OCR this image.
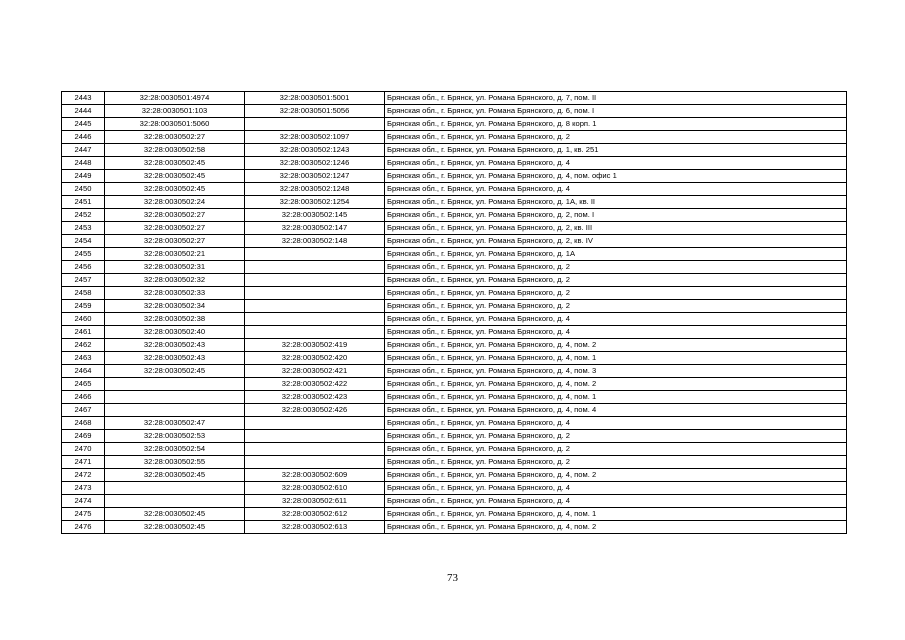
2443	32:28:0030501:4974	32:28:0030501:5001	Брянская обл., г. Брянск, ул. Романа Брянского, д. 7, пом. II
2444	32:28:0030501:103	32:28:0030501:5056	Брянская обл., г. Брянск, ул. Романа Брянского, д. 6, пом. I
2445	32:28:0030501:5060		Брянская обл., г. Брянск, ул. Романа Брянского, д. 8 корп. 1
2446	32:28:0030502:27	32:28:0030502:1097	Брянская обл., г. Брянск, ул. Романа Брянского, д. 2
2447	32:28:0030502:58	32:28:0030502:1243	Брянская обл., г. Брянск, ул. Романа Брянского, д. 1, кв. 251
2448	32:28:0030502:45	32:28:0030502:1246	Брянская обл., г. Брянск, ул. Романа Брянского, д. 4
2449	32:28:0030502:45	32:28:0030502:1247	Брянская обл., г. Брянск, ул. Романа Брянского, д. 4, пом. офис 1
2450	32:28:0030502:45	32:28:0030502:1248	Брянская обл., г. Брянск, ул. Романа Брянского, д. 4
2451	32:28:0030502:24	32:28:0030502:1254	Брянская обл., г. Брянск, ул. Романа Брянского, д. 1А, кв. II
2452	32:28:0030502:27	32:28:0030502:145	Брянская обл., г. Брянск, ул. Романа Брянского, д. 2, пом. I
2453	32:28:0030502:27	32:28:0030502:147	Брянская обл., г. Брянск, ул. Романа Брянского, д. 2, кв. III
2454	32:28:0030502:27	32:28:0030502:148	Брянская обл., г. Брянск, ул. Романа Брянского, д. 2, кв. IV
2455	32:28:0030502:21		Брянская обл., г. Брянск, ул. Романа Брянского, д. 1А
2456	32:28:0030502:31		Брянская обл., г. Брянск, ул. Романа Брянского, д. 2
2457	32:28:0030502:32		Брянская обл., г. Брянск, ул. Романа Брянского, д. 2
2458	32:28:0030502:33		Брянская обл., г. Брянск, ул. Романа Брянского, д. 2
2459	32:28:0030502:34		Брянская обл., г. Брянск, ул. Романа Брянского, д. 2
2460	32:28:0030502:38		Брянская обл., г. Брянск, ул. Романа Брянского, д. 4
2461	32:28:0030502:40		Брянская обл., г. Брянск, ул. Романа Брянского, д. 4
2462	32:28:0030502:43	32:28:0030502:419	Брянская обл., г. Брянск, ул. Романа Брянского, д. 4, пом. 2
2463	32:28:0030502:43	32:28:0030502:420	Брянская обл., г. Брянск, ул. Романа Брянского, д. 4, пом. 1
2464	32:28:0030502:45	32:28:0030502:421	Брянская обл., г. Брянск, ул. Романа Брянского, д. 4, пом. 3
2465		32:28:0030502:422	Брянская обл., г. Брянск, ул. Романа Брянского, д. 4, пом. 2
2466		32:28:0030502:423	Брянская обл., г. Брянск, ул. Романа Брянского, д. 4, пом. 1
2467		32:28:0030502:426	Брянская обл., г. Брянск, ул. Романа Брянского, д. 4, пом. 4
2468	32:28:0030502:47		Брянская обл., г. Брянск, ул. Романа Брянского, д. 4
2469	32:28:0030502:53		Брянская обл., г. Брянск, ул. Романа Брянского, д. 2
2470	32:28:0030502:54		Брянская обл., г. Брянск, ул. Романа Брянского, д. 2
2471	32:28:0030502:55		Брянская обл., г. Брянск, ул. Романа Брянского, д. 2
2472	32:28:0030502:45	32:28:0030502:609	Брянская обл., г. Брянск, ул. Романа Брянского, д. 4, пом. 2
2473		32:28:0030502:610	Брянская обл., г. Брянск, ул. Романа Брянского, д. 4
2474		32:28:0030502:611	Брянская обл., г. Брянск, ул. Романа Брянского, д. 4
2475	32:28:0030502:45	32:28:0030502:612	Брянская обл., г. Брянск, ул. Романа Брянского, д. 4, пом. 1
2476	32:28:0030502:45	32:28:0030502:613	Брянская обл., г. Брянск, ул. Романа Брянского, д. 4, пом. 2
73
